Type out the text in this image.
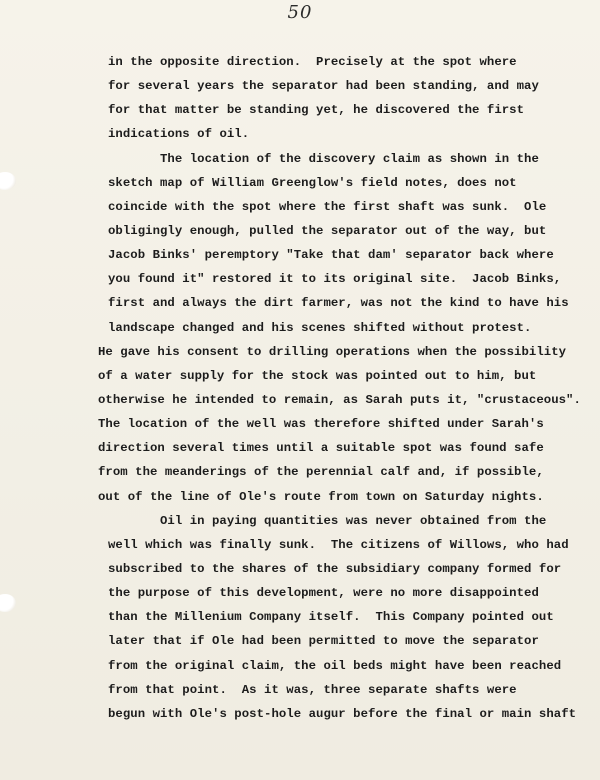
50
in the opposite direction.  Precisely at the spot where
for several years the separator had been standing, and may
for that matter be standing yet, he discovered the first
indications of oil.
The location of the discovery claim as shown in the
sketch map of William Greenglow's field notes, does not
coincide with the spot where the first shaft was sunk.  Ole
obligingly enough, pulled the separator out of the way, but
Jacob Binks' peremptory "Take that dam' separator back where
you found it" restored it to its original site.  Jacob Binks,
first and always the dirt farmer, was not the kind to have his
landscape changed and his scenes shifted without protest.
He gave his consent to drilling operations when the possibility
of a water supply for the stock was pointed out to him, but
otherwise he intended to remain, as Sarah puts it, "crustaceous".
The location of the well was therefore shifted under Sarah's
direction several times until a suitable spot was found safe
from the meanderings of the perennial calf and, if possible,
out of the line of Ole's route from town on Saturday nights.
Oil in paying quantities was never obtained from the
well which was finally sunk.  The citizens of Willows, who had
subscribed to the shares of the subsidiary company formed for
the purpose of this development, were no more disappointed
than the Millenium Company itself.  This Company pointed out
later that if Ole had been permitted to move the separator
from the original claim, the oil beds might have been reached
from that point.  As it was, three separate shafts were
begun with Ole's post-hole augur before the final or main shaft
